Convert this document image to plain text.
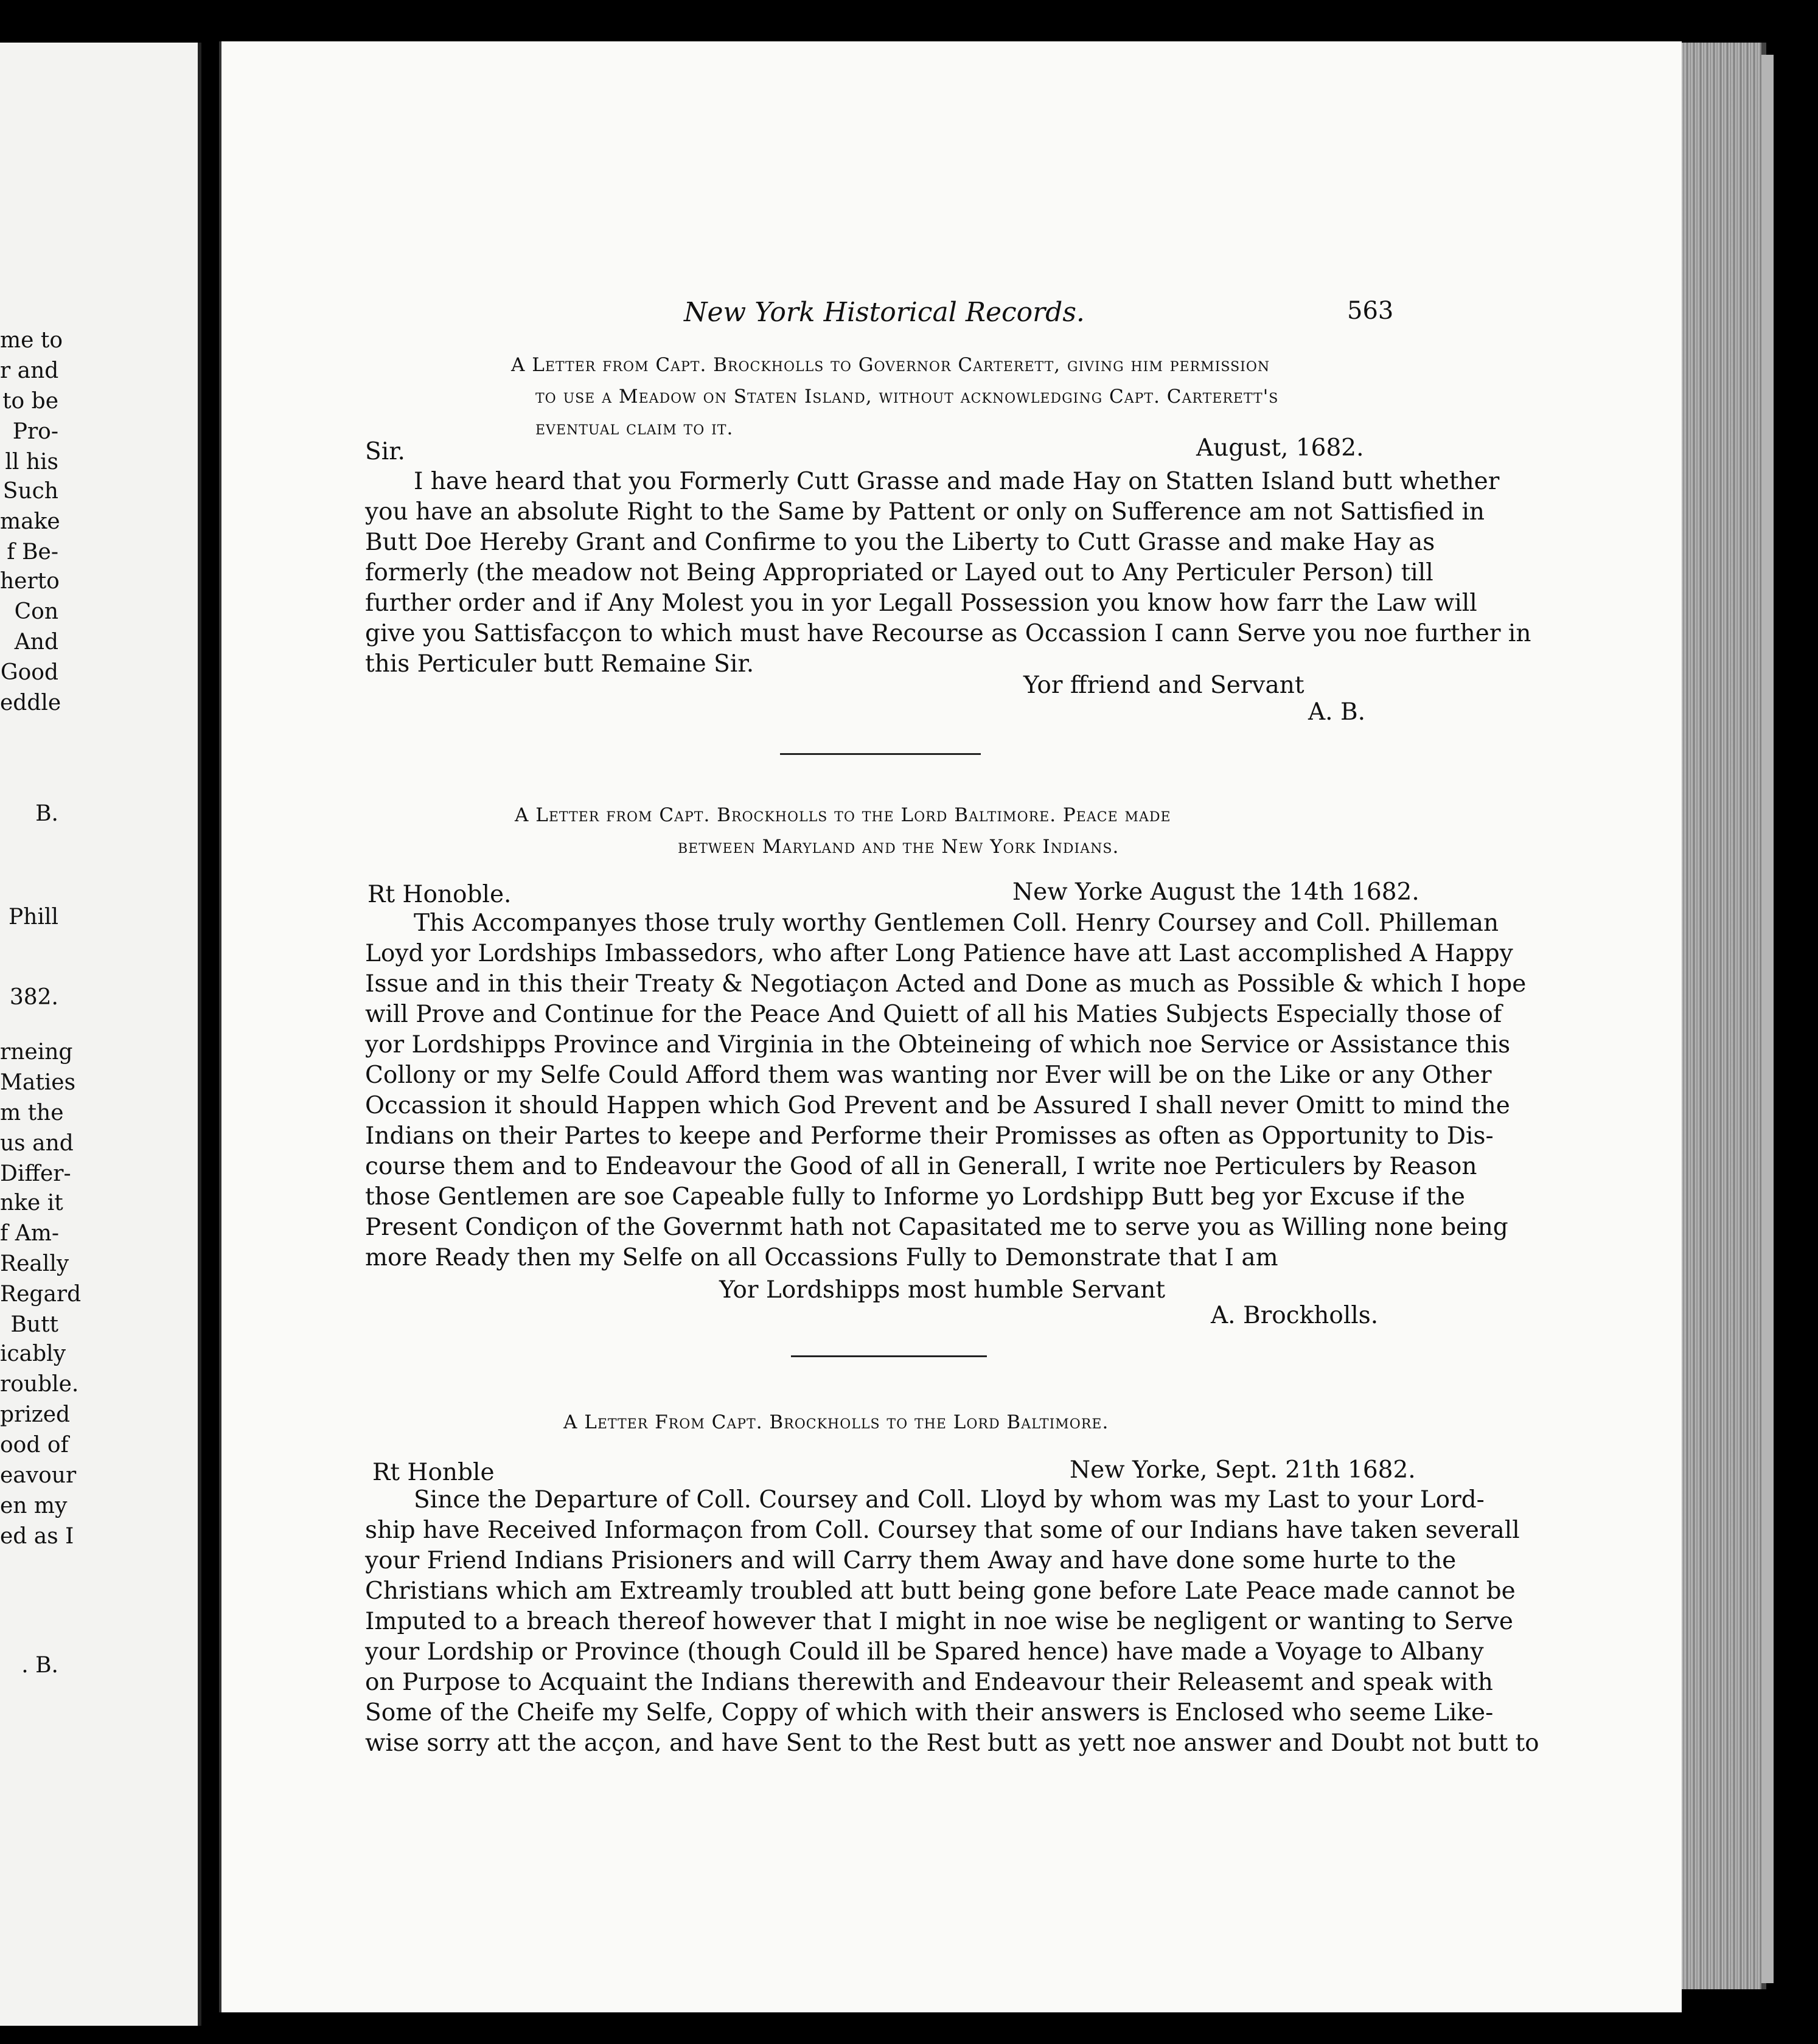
me to
r and
to be
Pro-
ll his
Such
make
f Be-
herto
Con
And
Good
eddle
B.
Phill
382.
rneing
Maties
m the
us and
Differ-
nke it
f Am-
Really
Regard
Butt
icably
rouble.
prized
ood of
eavour
en my
ed as I
. B.
New York Historical Records.	563
A Letter from Capt. Brockholls to Governor Carterett, giving him permission
to use a Meadow on Staten Island, without acknowledging Capt. Carterett's
eventual claim to it.
Sir.	August, 1682.
I have heard that you Formerly Cutt Grasse and made Hay on Statten Island butt whether
you have an absolute Right to the Same by Pattent or only on Sufference am not Sattisfied in
Butt Doe Hereby Grant and Confirme to you the Liberty to Cutt Grasse and make Hay as
formerly (the meadow not Being Appropriated or Layed out to Any Perticuler Person) till
further order and if Any Molest you in yor Legall Possession you know how farr the Law will
give you Sattisfacçon to which must have Recourse as Occassion I cann Serve you noe further in
this Perticuler butt Remaine Sir.
Yor ffriend and Servant
A. B.
A Letter from Capt. Brockholls to the Lord Baltimore. Peace made
between Maryland and the New York Indians.
Rt Honoble.	New Yorke August the 14th 1682.
This Accompanyes those truly worthy Gentlemen Coll. Henry Coursey and Coll. Philleman
Loyd yor Lordships Imbassedors, who after Long Patience have att Last accomplished A Happy
Issue and in this their Treaty & Negotiaçon Acted and Done as much as Possible & which I hope
will Prove and Continue for the Peace And Quiett of all his Maties Subjects Especially those of
yor Lordshipps Province and Virginia in the Obteineing of which noe Service or Assistance this
Collony or my Selfe Could Afford them was wanting nor Ever will be on the Like or any Other
Occassion it should Happen which God Prevent and be Assured I shall never Omitt to mind the
Indians on their Partes to keepe and Performe their Promisses as often as Opportunity to Dis-
course them and to Endeavour the Good of all in Generall, I write noe Perticulers by Reason
those Gentlemen are soe Capeable fully to Informe yo Lordshipp Butt beg yor Excuse if the
Present Condiçon of the Governmt hath not Capasitated me to serve you as Willing none being
more Ready then my Selfe on all Occassions Fully to Demonstrate that I am
Yor Lordshipps most humble Servant
A. Brockholls.
A Letter From Capt. Brockholls to the Lord Baltimore.
Rt Honble	New Yorke, Sept. 21th 1682.
Since the Departure of Coll. Coursey and Coll. Lloyd by whom was my Last to your Lord-
ship have Received Informaçon from Coll. Coursey that some of our Indians have taken severall
your Friend Indians Prisioners and will Carry them Away and have done some hurte to the
Christians which am Extreamly troubled att butt being gone before Late Peace made cannot be
Imputed to a breach thereof however that I might in noe wise be negligent or wanting to Serve
your Lordship or Province (though Could ill be Spared hence) have made a Voyage to Albany
on Purpose to Acquaint the Indians therewith and Endeavour their Releasemt and speak with
Some of the Cheife my Selfe, Coppy of which with their answers is Enclosed who seeme Like-
wise sorry att the acçon, and have Sent to the Rest butt as yett noe answer and Doubt not butt to
